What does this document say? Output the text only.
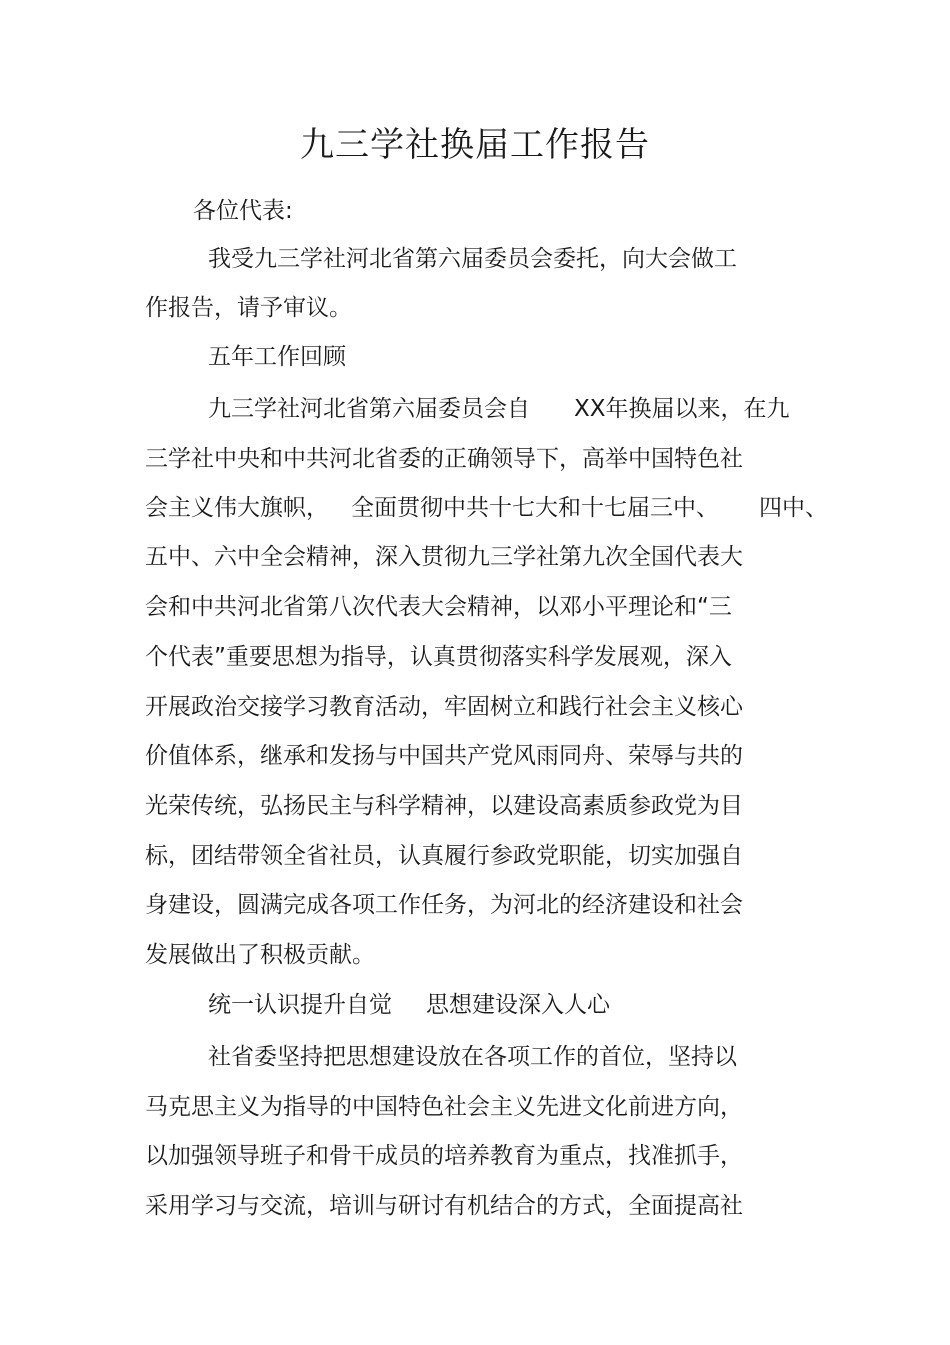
九三学社换届工作报告
各位代表:
我受九三学社河北省第六届委员会委托，向大会做工
作报告，请予审议。
五年工作回顾
九三学社河北省第六届委员会自 XX年换届以来，在九
三学社中央和中共河北省委的正确领导下，高举中国特色社
会主义伟大旗帜， 全面贯彻中共十七大和十七届三中、 四中、
五中、六中全会精神，深入贯彻九三学社第九次全国代表大
会和中共河北省第八次代表大会精神，以邓小平理论和“三
个代表”重要思想为指导，认真贯彻落实科学发展观，深入
开展政治交接学习教育活动，牢固树立和践行社会主义核心
价值体系，继承和发扬与中国共产党风雨同舟、荣辱与共的
光荣传统，弘扬民主与科学精神，以建设高素质参政党为目
标，团结带领全省社员，认真履行参政党职能，切实加强自
身建设，圆满完成各项工作任务，为河北的经济建设和社会
发展做出了积极贡献。
统一认识提升自觉 思想建设深入人心
社省委坚持把思想建设放在各项工作的首位，坚持以
马克思主义为指导的中国特色社会主义先进文化前进方向，
以加强领导班子和骨干成员的培养教育为重点，找准抓手，
采用学习与交流，培训与研讨有机结合的方式，全面提高社
